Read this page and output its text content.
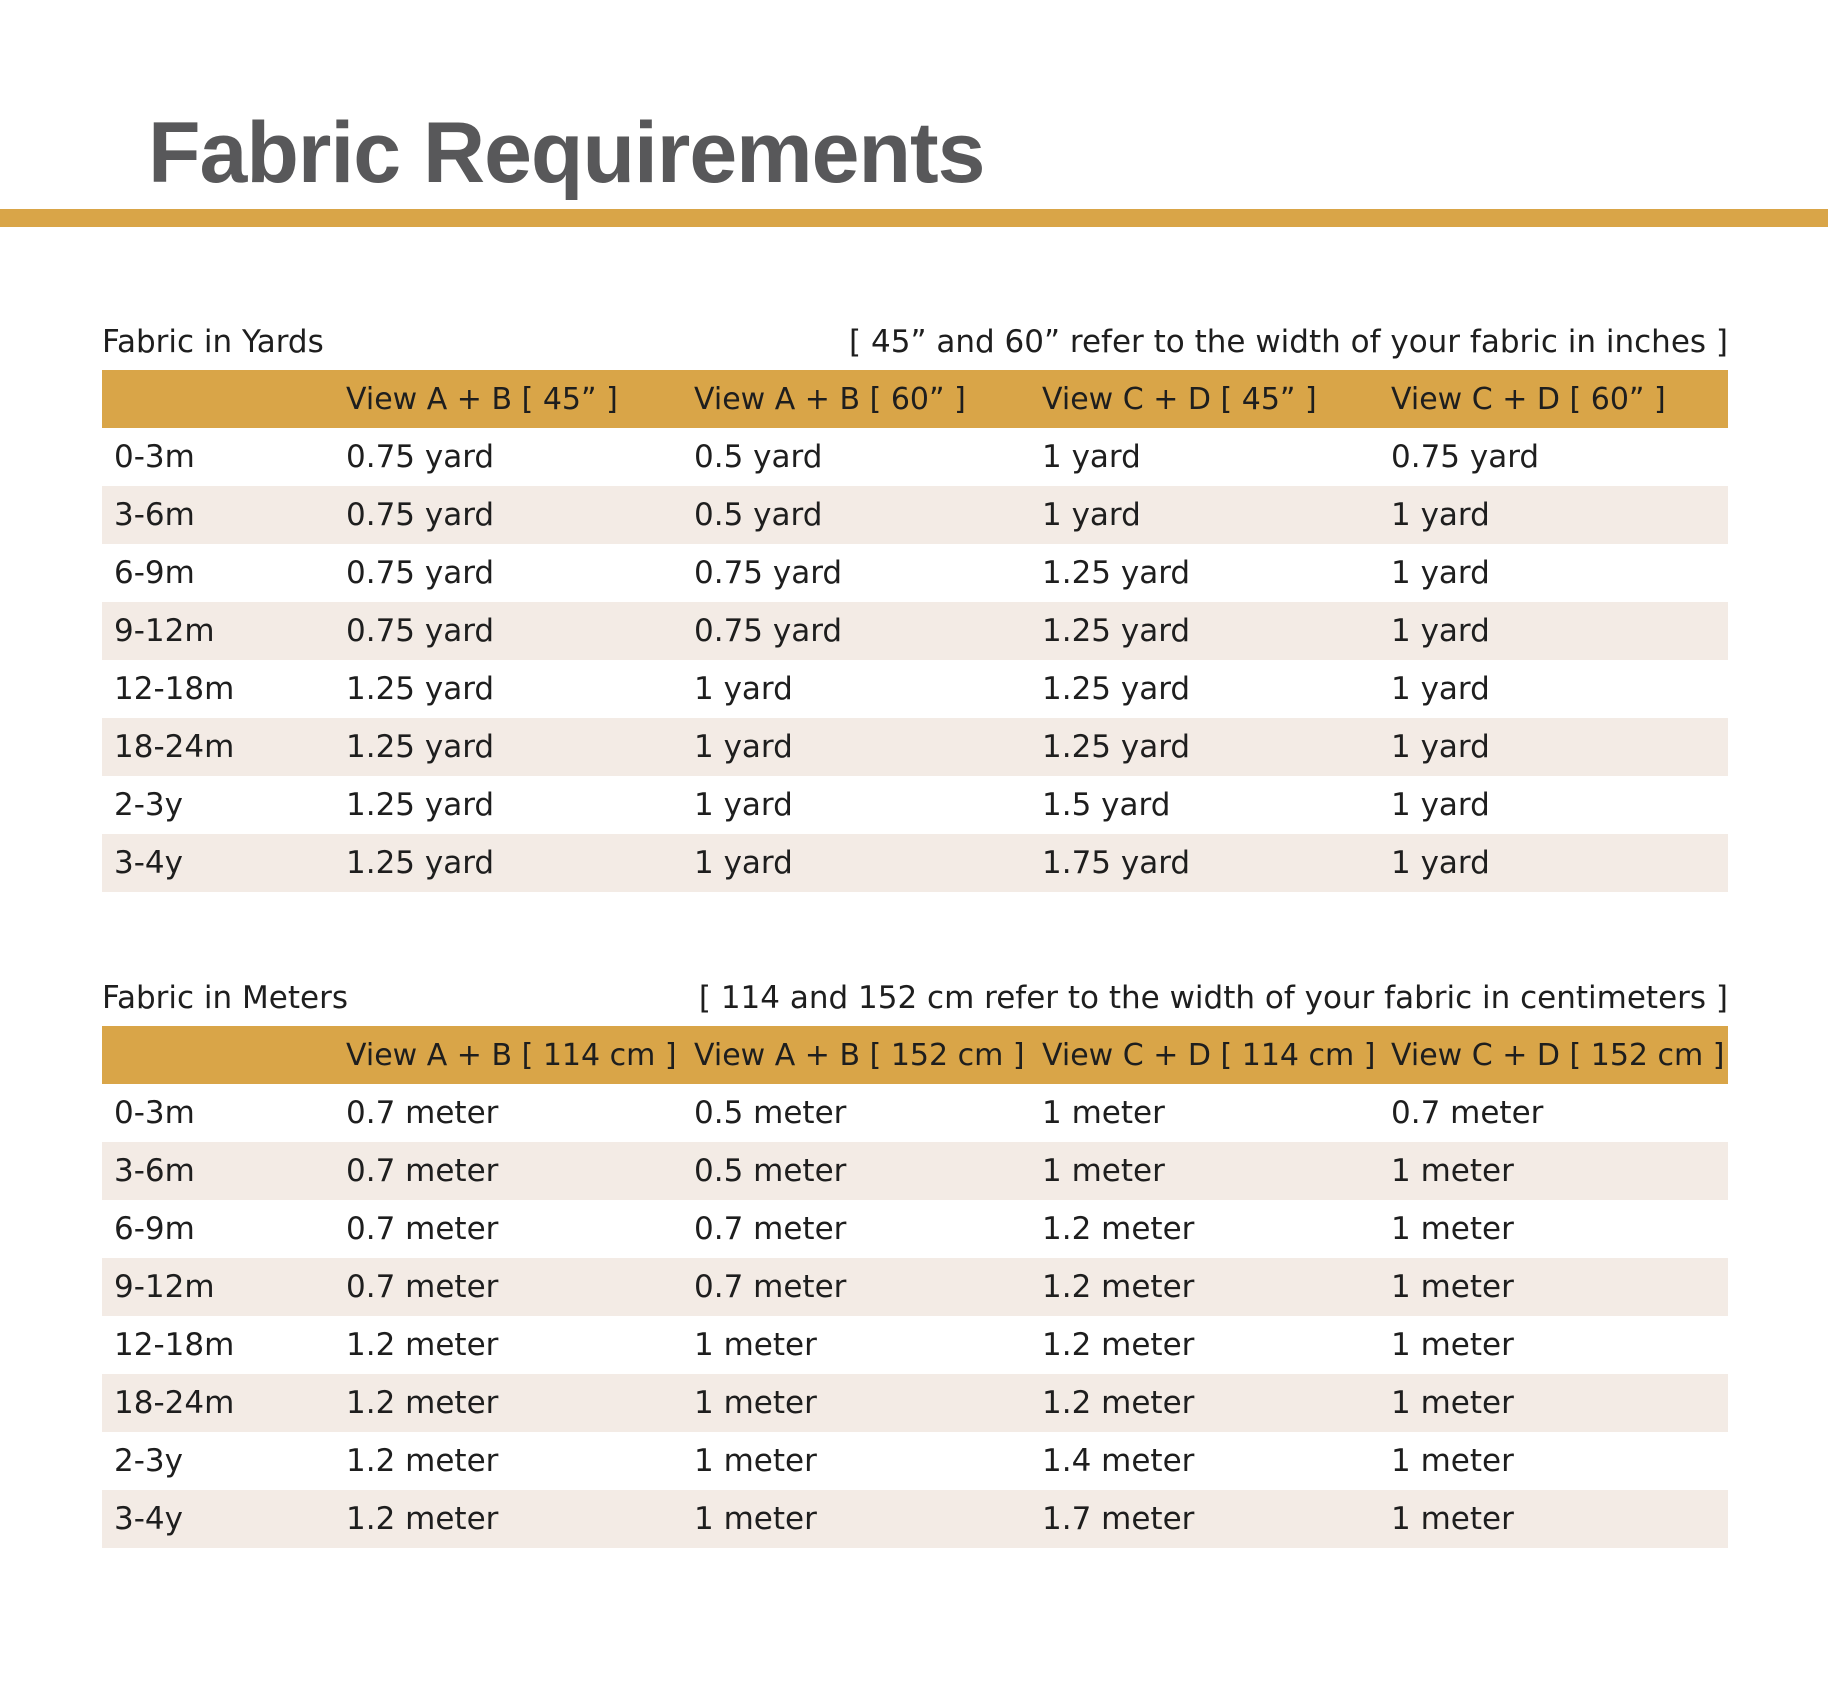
Fabric Requirements
Fabric in Yards	[ 45” and 60” refer to the width of your fabric in inches ]
	View A + B [ 45” ]	View A + B [ 60” ]	View C + D [ 45” ]	View C + D [ 60” ]
0-3m	0.75 yard	0.5 yard	1 yard	0.75 yard
3-6m	0.75 yard	0.5 yard	1 yard	1 yard
6-9m	0.75 yard	0.75 yard	1.25 yard	1 yard
9-12m	0.75 yard	0.75 yard	1.25 yard	1 yard
12-18m	1.25 yard	1 yard	1.25 yard	1 yard
18-24m	1.25 yard	1 yard	1.25 yard	1 yard
2-3y	1.25 yard	1 yard	1.5 yard	1 yard
3-4y	1.25 yard	1 yard	1.75 yard	1 yard
Fabric in Meters	[ 114 and 152 cm refer to the width of your fabric in centimeters ]
	View A + B [ 114 cm ]	View A + B [ 152 cm ]	View C + D [ 114 cm ]	View C + D [ 152 cm ]
0-3m	0.7 meter	0.5 meter	1 meter	0.7 meter
3-6m	0.7 meter	0.5 meter	1 meter	1 meter
6-9m	0.7 meter	0.7 meter	1.2 meter	1 meter
9-12m	0.7 meter	0.7 meter	1.2 meter	1 meter
12-18m	1.2 meter	1 meter	1.2 meter	1 meter
18-24m	1.2 meter	1 meter	1.2 meter	1 meter
2-3y	1.2 meter	1 meter	1.4 meter	1 meter
3-4y	1.2 meter	1 meter	1.7 meter	1 meter
